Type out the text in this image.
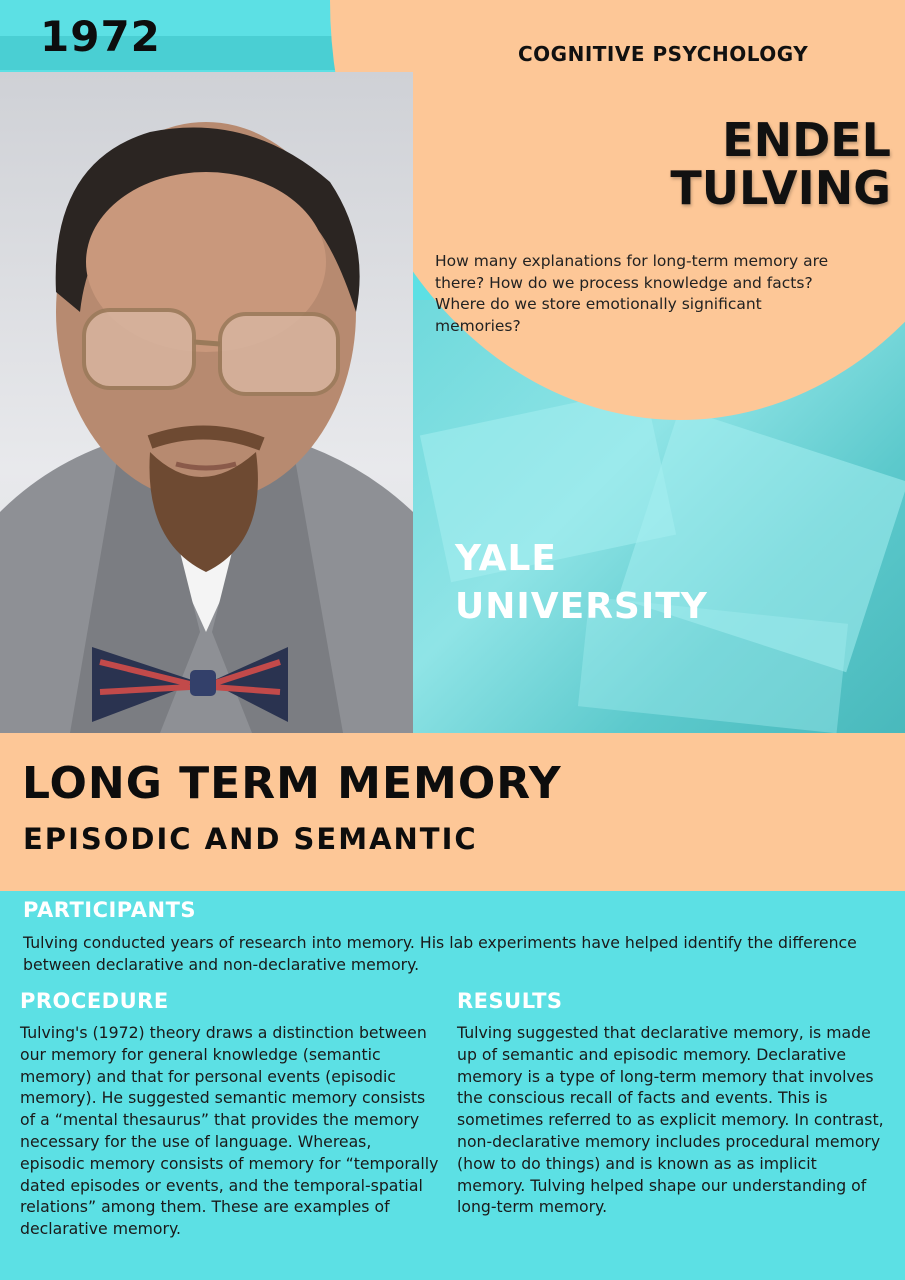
1972	COGNITIVE PSYCHOLOGY
ENDEL
TULVING
How many explanations for long-term memory are there? How do we process knowledge and facts? Where do we store emotionally significant memories?
YALE
UNIVERSITY
LONG TERM MEMORY
EPISODIC AND SEMANTIC
PARTICIPANTS
Tulving conducted years of research into memory. His lab experiments have helped identify the difference between declarative and non-declarative memory.
PROCEDURE
Tulving's (1972) theory draws a distinction between our memory for general knowledge (semantic memory) and that for personal events (episodic memory). He suggested semantic memory consists of a “mental thesaurus” that provides the memory necessary for the use of language. Whereas, episodic memory consists of memory for “temporally dated episodes or events, and the temporal-spatial relations” among them. These are examples of declarative memory.
RESULTS
Tulving suggested that declarative memory, is made up of semantic and episodic memory. Declarative memory is a type of long-term memory that involves the conscious recall of facts and events. This is sometimes referred to as explicit memory. In contrast, non-declarative memory includes procedural memory (how to do things) and is known as as implicit memory. Tulving helped shape our understanding of long-term memory.
